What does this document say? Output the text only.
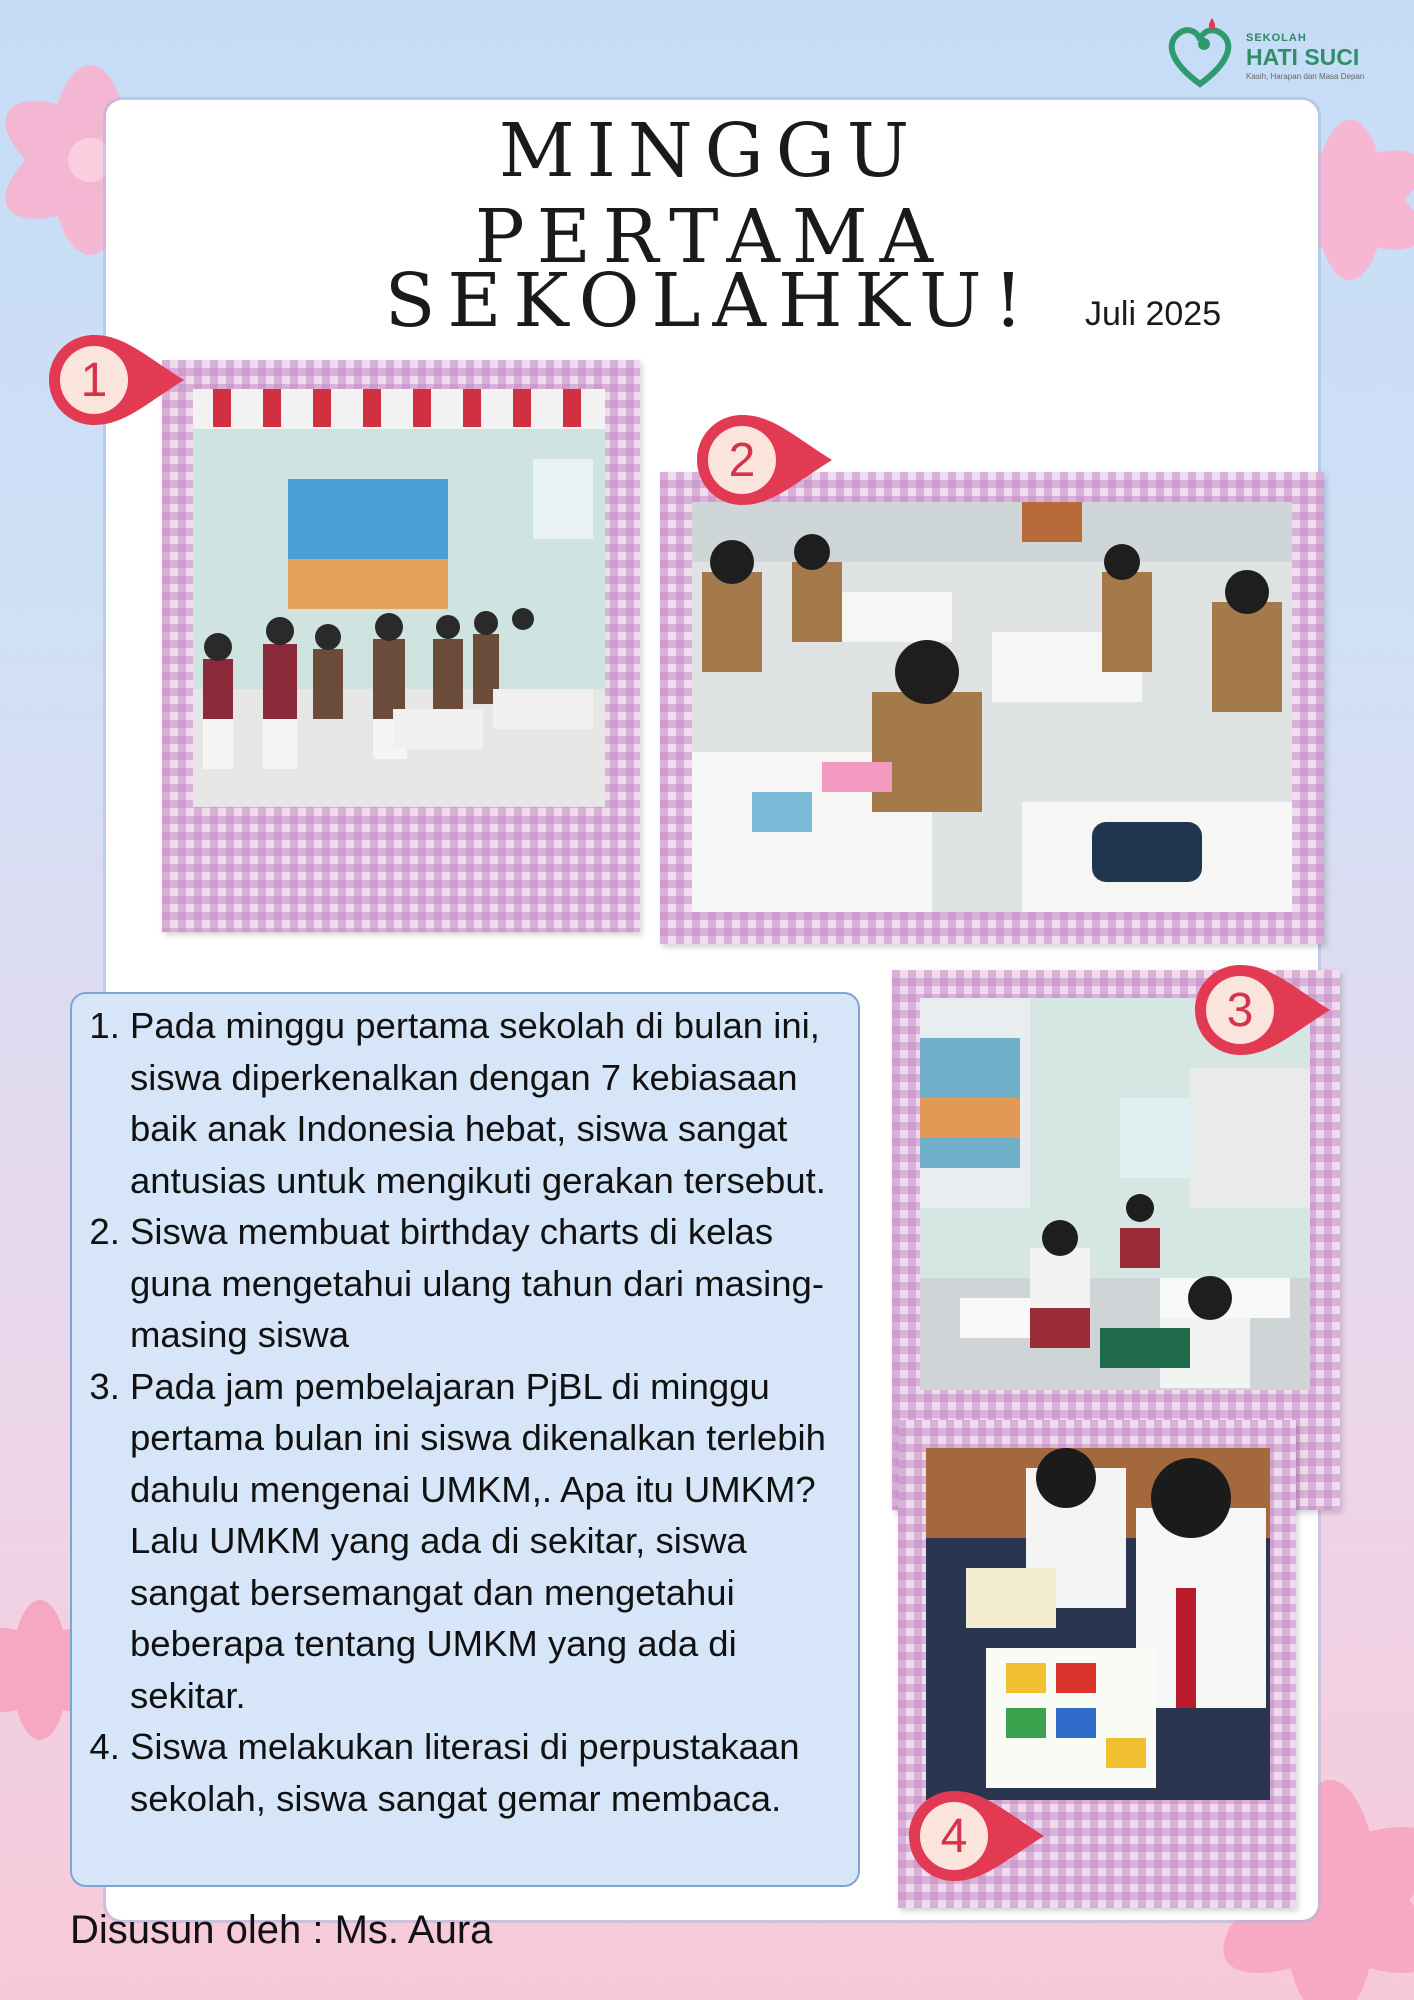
SEKOLAH
HATI SUCI
Kasih, Harapan dan Masa Depan
MINGGU PERTAMA
SEKOLAHKU!	Juli 2025
1
2
3
4
1. Pada minggu pertama sekolah di bulan ini, siswa diperkenalkan dengan 7 kebiasaan baik anak Indonesia hebat, siswa sangat antusias untuk mengikuti gerakan tersebut.
2. Siswa membuat birthday charts di kelas guna mengetahui ulang tahun dari masing-masing siswa
3. Pada jam pembelajaran PjBL di minggu pertama bulan ini siswa dikenalkan terlebih dahulu mengenai UMKM,. Apa itu UMKM? Lalu UMKM yang ada di sekitar, siswa sangat bersemangat dan mengetahui beberapa tentang UMKM yang ada di sekitar.
4. Siswa melakukan literasi di perpustakaan sekolah, siswa sangat gemar membaca.
Disusun oleh : Ms. Aura
